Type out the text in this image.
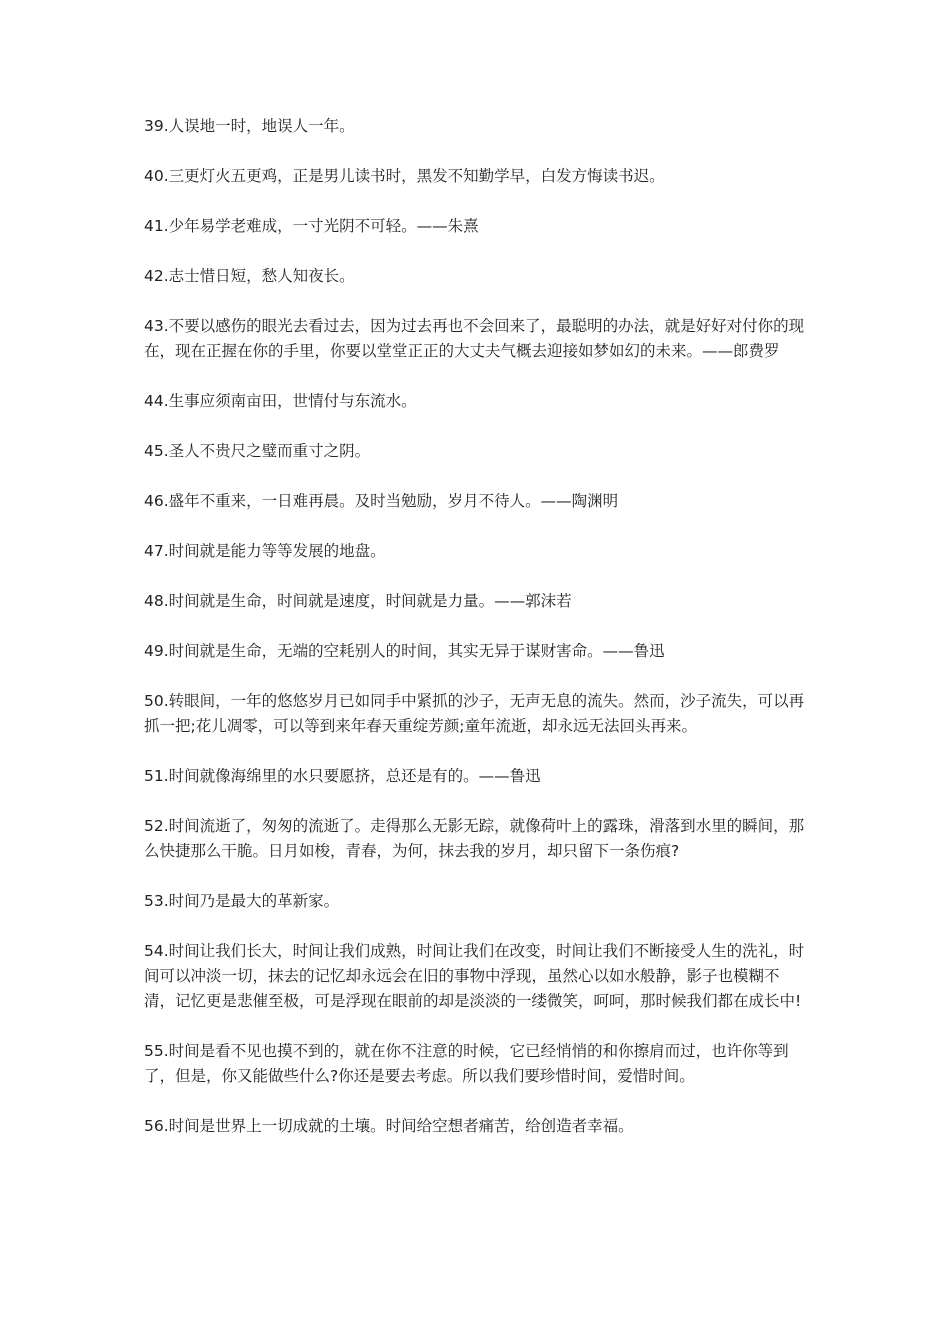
39.人误地一时，地误人一年。

40.三更灯火五更鸡，正是男儿读书时，黑发不知勤学早，白发方悔读书迟。

41.少年易学老难成，一寸光阴不可轻。——朱熹

42.志士惜日短，愁人知夜长。

43.不要以感伤的眼光去看过去，因为过去再也不会回来了，最聪明的办法，就是好好对付你的现在，现在正握在你的手里，你要以堂堂正正的大丈夫气概去迎接如梦如幻的未来。——郎费罗

44.生事应须南亩田，世情付与东流水。

45.圣人不贵尺之璧而重寸之阴。

46.盛年不重来，一日难再晨。及时当勉励，岁月不待人。——陶渊明

47.时间就是能力等等发展的地盘。

48.时间就是生命，时间就是速度，时间就是力量。——郭沫若

49.时间就是生命，无端的空耗别人的时间，其实无异于谋财害命。——鲁迅

50.转眼间，一年的悠悠岁月已如同手中紧抓的沙子，无声无息的流失。然而，沙子流失，可以再抓一把;花儿凋零，可以等到来年春天重绽芳颜;童年流逝，却永远无法回头再来。

51.时间就像海绵里的水只要愿挤，总还是有的。——鲁迅

52.时间流逝了，匆匆的流逝了。走得那么无影无踪，就像荷叶上的露珠，滑落到水里的瞬间，那么快捷那么干脆。日月如梭，青春，为何，抹去我的岁月，却只留下一条伤痕?

53.时间乃是最大的革新家。

54.时间让我们长大，时间让我们成熟，时间让我们在改变，时间让我们不断接受人生的洗礼，时间可以冲淡一切，抹去的记忆却永远会在旧的事物中浮现，虽然心以如水般静，影子也模糊不清，记忆更是悲催至极，可是浮现在眼前的却是淡淡的一缕微笑，呵呵，那时候我们都在成长中!

55.时间是看不见也摸不到的，就在你不注意的时候，它已经悄悄的和你擦肩而过，也许你等到了，但是，你又能做些什么?你还是要去考虑。所以我们要珍惜时间，爱惜时间。

56.时间是世界上一切成就的土壤。时间给空想者痛苦，给创造者幸福。
